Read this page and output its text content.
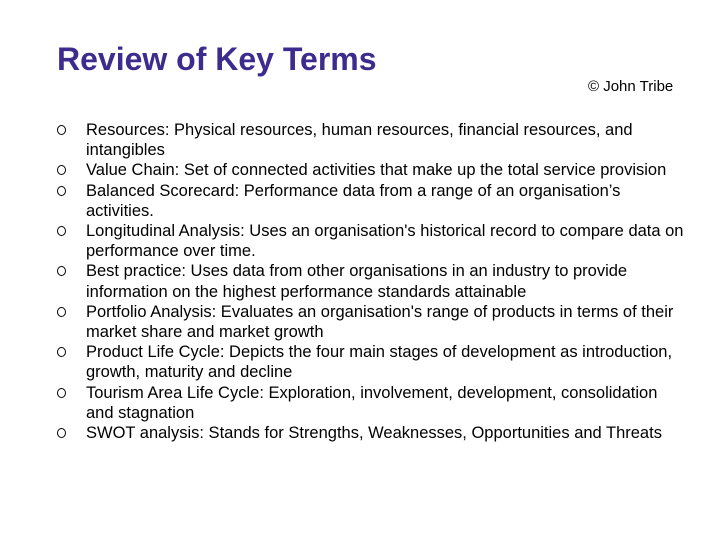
Review of Key Terms
© John Tribe
Resources: Physical resources, human resources, financial resources, and intangibles
Value Chain: Set of connected activities that make up the total service provision
Balanced Scorecard: Performance data from a range of an organisation’s activities.
Longitudinal Analysis: Uses an organisation's historical record to compare data on performance over time.
Best practice: Uses data from other organisations in an industry to provide information on the highest performance standards attainable
Portfolio Analysis: Evaluates an organisation's range of products in terms of their market share and market growth
Product Life Cycle: Depicts the four main stages of development as introduction, growth, maturity and decline
Tourism Area Life Cycle: Exploration, involvement, development, consolidation and stagnation
SWOT analysis: Stands for Strengths, Weaknesses, Opportunities and Threats
